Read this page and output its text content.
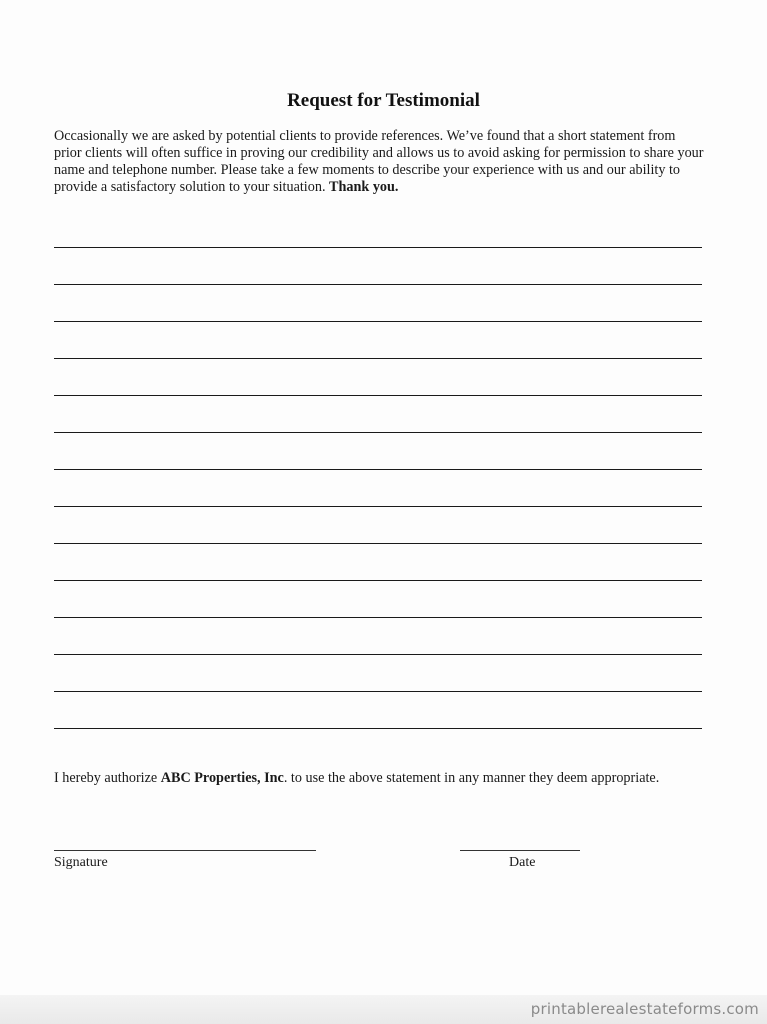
Request for Testimonial

Occasionally we are asked by potential clients to provide references. We’ve found that a short statement from prior clients will often suffice in proving our credibility and allows us to avoid asking for permission to share your name and telephone number. Please take a few moments to describe your experience with us and our ability to provide a satisfactory solution to your situation. Thank you.

I hereby authorize ABC Properties, Inc. to use the above statement in any manner they deem appropriate.

Signature	Date
printablerealestateforms.com
